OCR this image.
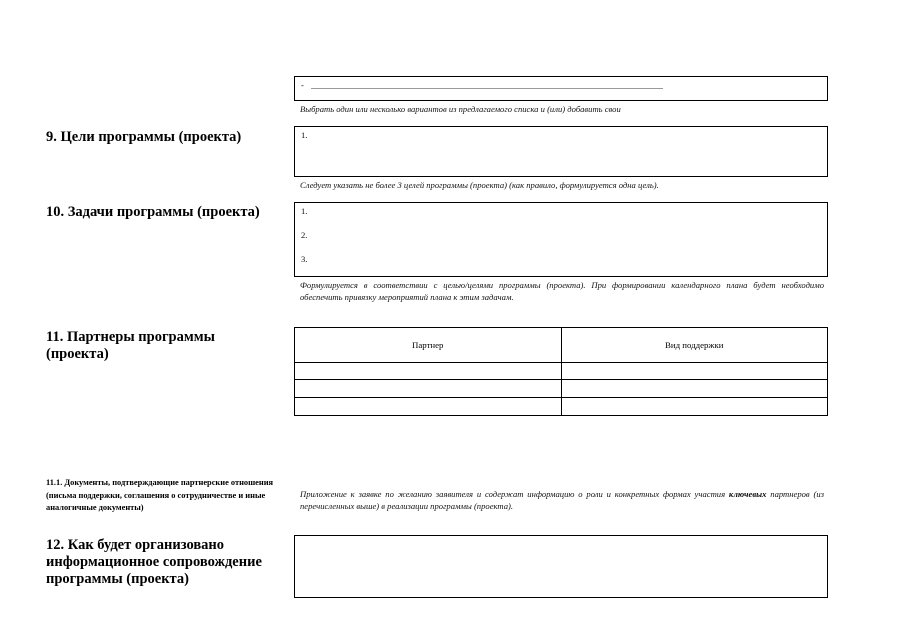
-
Выбрать один или несколько вариантов из предлагаемого списка и (или) добавить свои
9. Цели программы (проекта)	1.
Следует указать не более 3 целей программы (проекта) (как правило, формулируется одна цель).
10. Задачи программы (проекта)	1.
2.
3.
Формулируется в соответствии с целью/целями программы (проекта). При формировании календарного плана будет необходимо обеспечить привязку мероприятий плана к этим задачам.
11. Партнеры программы (проекта)
Партнер	Вид поддержки

11.1. Документы, подтверждающие партнерские отношения (письма поддержки, соглашения о сотрудничестве и иные аналогичные документы)
Приложение к заявке по желанию заявителя и содержат информацию о роли и конкретных формах участия ключевых партнеров (из перечисленных выше) в реализации программы (проекта).
12. Как будет организовано информационное сопровождение программы (проекта)
